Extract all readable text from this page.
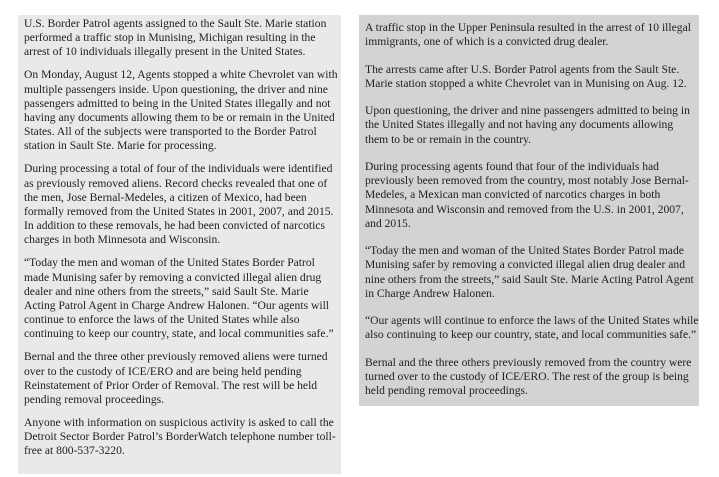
U.S. Border Patrol agents assigned to the Sault Ste. Marie station performed a traffic stop in Munising, Michigan resulting in the arrest of 10 individuals illegally present in the United States.

On Monday, August 12, Agents stopped a white Chevrolet van with multiple passengers inside. Upon questioning, the driver and nine passengers admitted to being in the United States illegally and not having any documents allowing them to be or remain in the United States. All of the subjects were transported to the Border Patrol station in Sault Ste. Marie for processing.

During processing a total of four of the individuals were identified as previously removed aliens. Record checks revealed that one of the men, Jose Bernal-Medeles, a citizen of Mexico, had been formally removed from the United States in 2001, 2007, and 2015. In addition to these removals, he had been convicted of narcotics charges in both Minnesota and Wisconsin.

“Today the men and woman of the United States Border Patrol made Munising safer by removing a convicted illegal alien drug dealer and nine others from the streets,” said Sault Ste. Marie Acting Patrol Agent in Charge Andrew Halonen. “Our agents will continue to enforce the laws of the United States while also continuing to keep our country, state, and local communities safe.”

Bernal and the three other previously removed aliens were turned over to the custody of ICE/ERO and are being held pending Reinstatement of Prior Order of Removal. The rest will be held pending removal proceedings.

Anyone with information on suspicious activity is asked to call the Detroit Sector Border Patrol’s BorderWatch telephone number toll-free at 800-537-3220.

A traffic stop in the Upper Peninsula resulted in the arrest of 10 illegal immigrants, one of which is a convicted drug dealer.

The arrests came after U.S. Border Patrol agents from the Sault Ste. Marie station stopped a white Chevrolet van in Munising on Aug. 12.

Upon questioning, the driver and nine passengers admitted to being in the United States illegally and not having any documents allowing them to be or remain in the country.

During processing agents found that four of the individuals had previously been removed from the country, most notably Jose Bernal-Medeles, a Mexican man convicted of narcotics charges in both Minnesota and Wisconsin and removed from the U.S. in 2001, 2007, and 2015.

“Today the men and woman of the United States Border Patrol made Munising safer by removing a convicted illegal alien drug dealer and nine others from the streets,” said Sault Ste. Marie Acting Patrol Agent in Charge Andrew Halonen.

“Our agents will continue to enforce the laws of the United States while also continuing to keep our country, state, and local communities safe.”

Bernal and the three others previously removed from the country were turned over to the custody of ICE/ERO. The rest of the group is being held pending removal proceedings.
